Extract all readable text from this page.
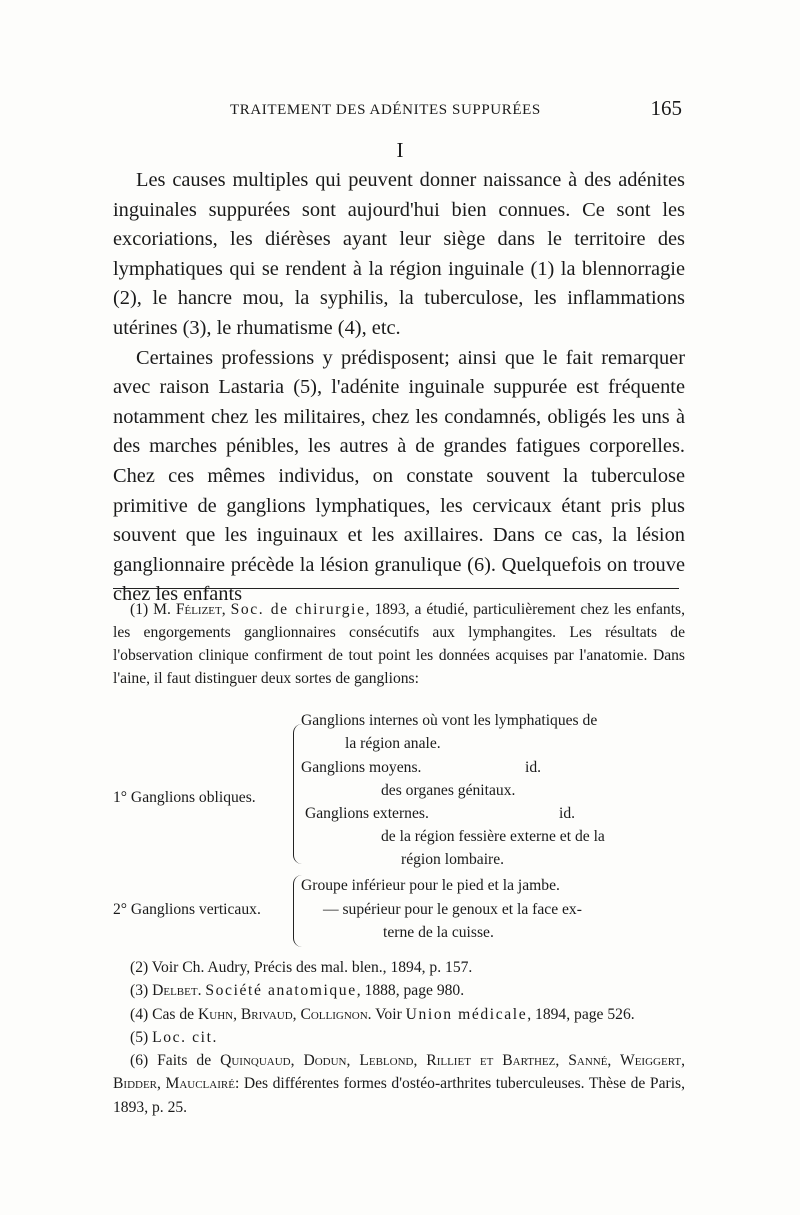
TRAITEMENT DES ADÉNITES SUPPURÉES	165
I

Les causes multiples qui peuvent donner naissance à des adénites inguinales suppurées sont aujourd'hui bien connues. Ce sont les excoriations, les diérèses ayant leur siège dans le territoire des lymphatiques qui se rendent à la région inguinale (1) la blennorragie (2), le hancre mou, la syphilis, la tuberculose, les inflammations utérines (3), le rhumatisme (4), etc.

Certaines professions y prédisposent; ainsi que le fait remarquer avec raison Lastaria (5), l'adénite inguinale suppurée est fréquente notamment chez les militaires, chez les condamnés, obligés les uns à des marches pénibles, les autres à de grandes fatigues corporelles. Chez ces mêmes individus, on constate souvent la tuberculose primitive de ganglions lymphatiques, les cervicaux étant pris plus souvent que les inguinaux et les axillaires. Dans ce cas, la lésion ganglionnaire précède la lésion granulique (6). Quelquefois on trouve chez les enfants

(1) M. Félizet, Soc. de chirurgie, 1893, a étudié, particulièrement chez les enfants, les engorgements ganglionnaires consécutifs aux lymphangites. Les résultats de l'observation clinique confirment de tout point les données acquises par l'anatomie. Dans l'aine, il faut distinguer deux sortes de ganglions:

1° Ganglions obliques.
Ganglions internes où vont les lymphatiques de
la région anale.
Ganglions moyens.	id.
des organes génitaux.
Ganglions externes.	id.
de la région fessière externe et de la
région lombaire.
2° Ganglions verticaux.
Groupe inférieur pour le pied et la jambe.
— supérieur pour le genoux et la face ex-
terne de la cuisse.

(2) Voir Ch. Audry, Précis des mal. blen., 1894, p. 157.

(3) Delbet. Société anatomique, 1888, page 980.

(4) Cas de Kuhn, Brivaud, Collignon. Voir Union médicale, 1894, page 526.

(5) Loc. cit.

(6) Faits de Quinquaud, Dodun, Leblond, Rilliet et Barthez, Sanné, Weiggert, Bidder, Mauclairé: Des différentes formes d'ostéo-arthrites tuberculeuses. Thèse de Paris, 1893, p. 25.
